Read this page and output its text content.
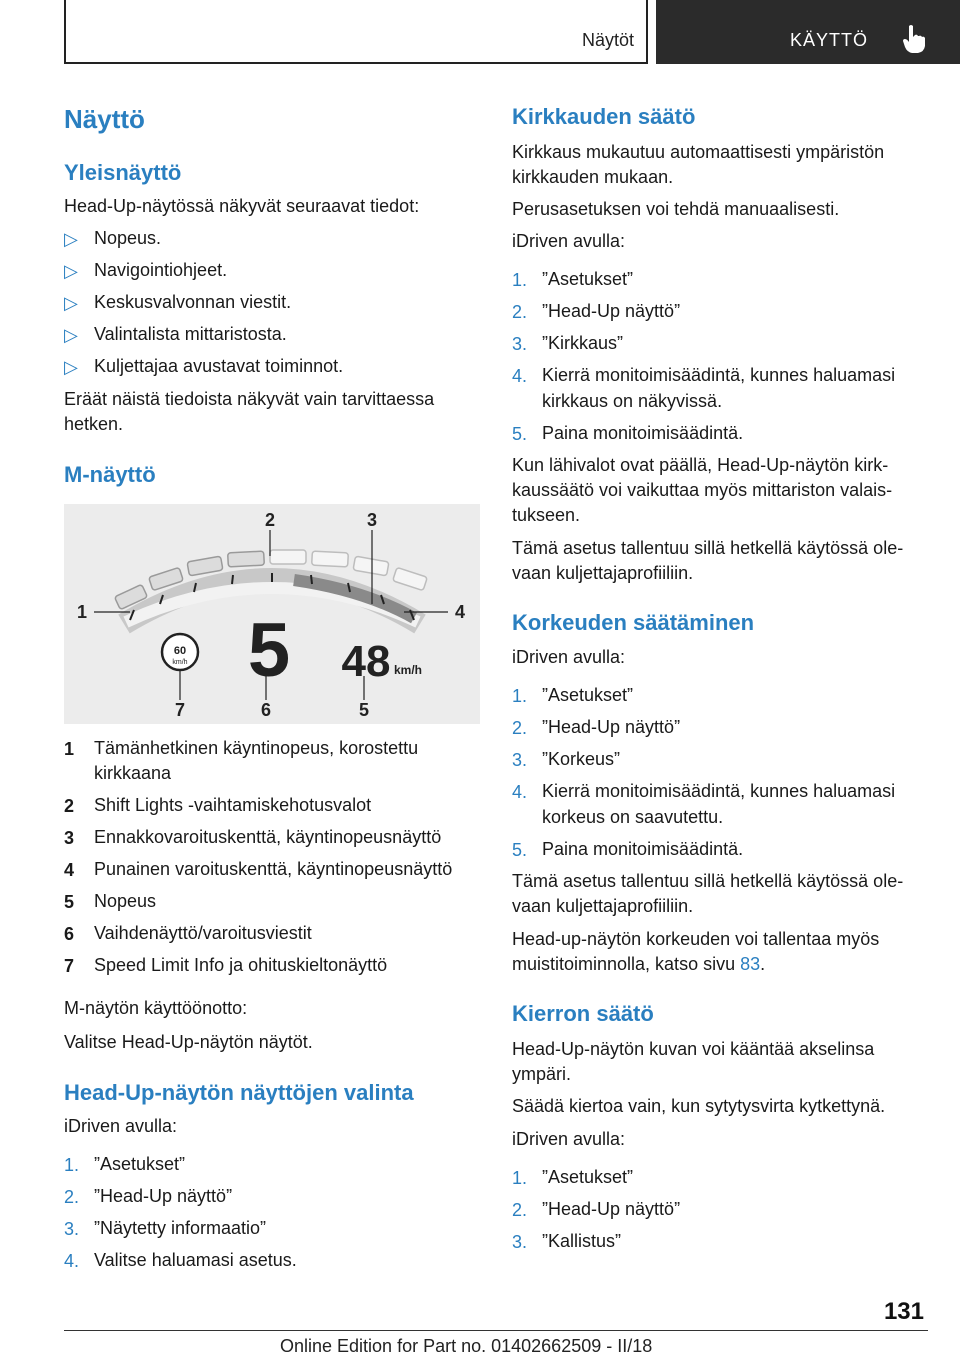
Näytöt	KÄYTTÖ
Näyttö
Yleisnäyttö

Head-Up-näytössä näkyvät seuraavat tiedot:

▷ Nopeus.

▷ Navigointiohjeet.

▷ Keskusvalvonnan viestit.

▷ Valintalista mittaristosta.

▷ Kuljettajaa avustavat toiminnot.

Eräät näistä tiedoista näkyvät vain tarvittaessa

hetken.

M-näyttö
60
km/h 5 48 km/h
1
2	3
4
5
6
7
1 Tämänhetkinen käyntinopeus, korostettu

kirkkaana

2 Shift Lights -vaihtamiskehotusvalot

3 Ennakkovaroituskenttä, käyntinopeusnäyttö

4 Punainen varoituskenttä, käyntinopeusnäyttö

5 Nopeus

6 Vaihdenäyttö/varoitusviestit

7 Speed Limit Info ja ohituskieltonäyttö

M-näytön käyttöönotto:

Valitse Head-Up-näytön näytöt.

Head-Up-näytön näyttöjen valinta

iDriven avulla:

1. ”Asetukset”

2. ”Head-Up näyttö”

3. ”Näytetty informaatio”

4. Valitse haluamasi asetus.

Kirkkauden säätö

Kirkkaus mukautuu automaattisesti ympäristön

kirkkauden mukaan.

Perusasetuksen voi tehdä manuaalisesti.

iDriven avulla:

1. ”Asetukset”

2. ”Head-Up näyttö”

3. ”Kirkkaus”

4. Kierrä monitoimisäädintä, kunnes haluamasi

kirkkaus on näkyvissä.

5. Paina monitoimisäädintä.

Kun lähivalot ovat päällä, Head-Up-näytön kirk-

kaussäätö voi vaikuttaa myös mittariston valais-

tukseen.

Tämä asetus tallentuu sillä hetkellä käytössä ole-

vaan kuljettajaprofiiliin.

Korkeuden säätäminen

iDriven avulla:

1. ”Asetukset”

2. ”Head-Up näyttö”

3. ”Korkeus”

4. Kierrä monitoimisäädintä, kunnes haluamasi

korkeus on saavutettu.

5. Paina monitoimisäädintä.

Tämä asetus tallentuu sillä hetkellä käytössä ole-

vaan kuljettajaprofiiliin.

Head-up-näytön korkeuden voi tallentaa myös

muistitoiminnolla, katso sivu 83.

Kierron säätö

Head-Up-näytön kuvan voi kääntää akselinsa

ympäri.

Säädä kiertoa vain, kun sytytysvirta kytkettynä.

iDriven avulla:

1. ”Asetukset”

2. ”Head-Up näyttö”

3. ”Kallistus”

131
Online Edition for Part no. 01402662509 - II/18
